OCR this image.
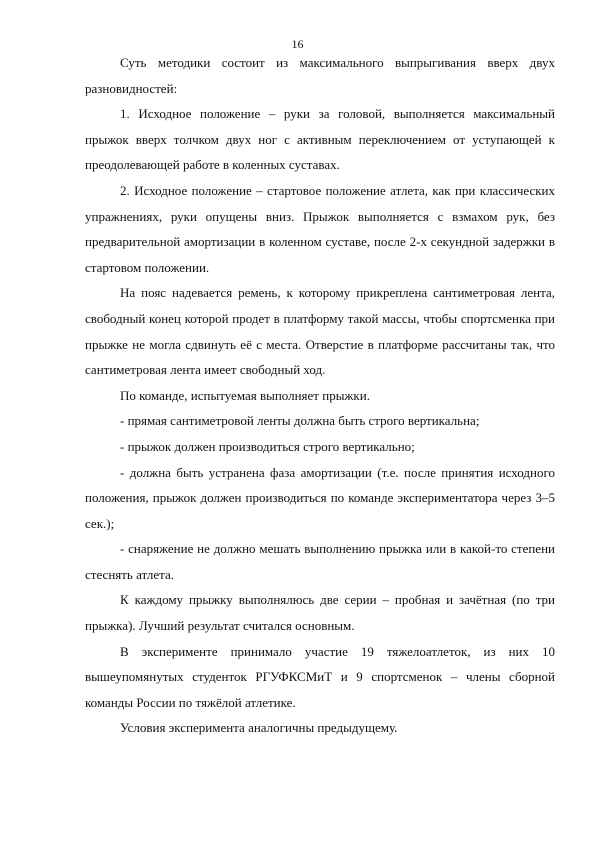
16

Суть методики состоит из максимального выпрыгивания вверх двух разновидностей:

1. Исходное положение – руки за головой, выполняется максимальный прыжок вверх толчком двух ног с активным переключением от уступающей к преодолевающей работе в коленных суставах.

2. Исходное положение – стартовое положение атлета, как при классических упражнениях, руки опущены вниз. Прыжок выполняется с взмахом рук, без предварительной амортизации в коленном суставе, после 2-х секундной задержки в стартовом положении.

На пояс надевается ремень, к которому прикреплена сантиметровая лента, свободный конец которой продет в платформу такой массы, чтобы спортсменка при прыжке не могла сдвинуть её с места. Отверстие в платформе рассчитаны так, что сантиметровая лента имеет свободный ход.

По команде, испытуемая выполняет прыжки.

- прямая сантиметровой ленты должна быть строго вертикальна;

- прыжок должен производиться строго вертикально;

- должна быть устранена фаза амортизации (т.е. после принятия исходного положения, прыжок должен производиться по команде экспериментатора через 3–5 сек.);

- снаряжение не должно мешать выполнению прыжка или в какой-то степени стеснять атлета.

К каждому прыжку выполнялюсь две серии – пробная и зачётная (по три прыжка). Лучший результат считался основным.

В эксперименте принимало участие 19 тяжелоатлеток, из них 10 вышеупомянутых студенток РГУФКСМиТ и 9 спортсменок – члены сборной команды России по тяжёлой атлетике.

Условия эксперимента аналогичны предыдущему.
